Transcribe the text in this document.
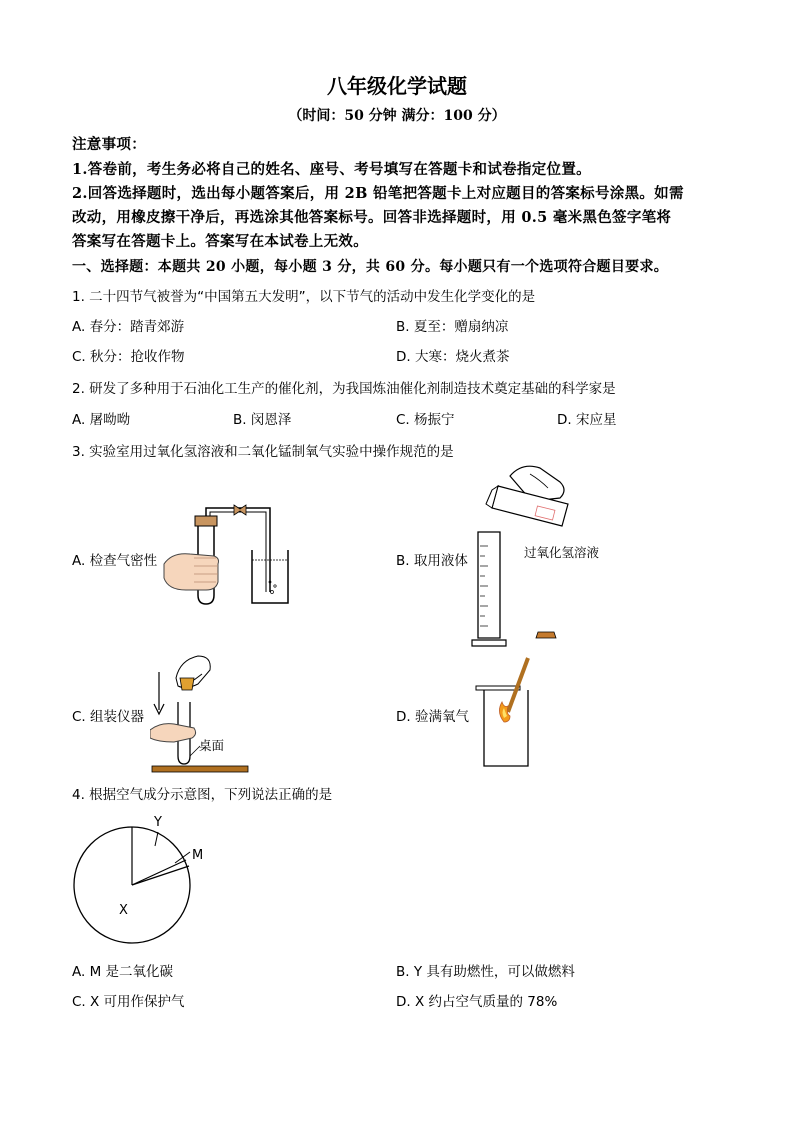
八年级化学试题
（时间：50 分钟 满分：100 分）
注意事项：
1.答卷前，考生务必将自己的姓名、座号、考号填写在答题卡和试卷指定位置。
2.回答选择题时，选出每小题答案后，用 2B 铅笔把答题卡上对应题目的答案标号涂黑。如需
改动，用橡皮擦干净后，再选涂其他答案标号。回答非选择题时，用 0.5 毫米黑色签字笔将
答案写在答题卡上。答案写在本试卷上无效。
一、选择题：本题共 20 小题，每小题 3 分，共 60 分。每小题只有一个选项符合题目要求。
1. 二十四节气被誉为“中国第五大发明”，以下节气的活动中发生化学变化的是
A. 春分：踏青郊游	B. 夏至：赠扇纳凉
C. 秋分：抢收作物	D. 大寒：烧火煮茶
2. 研发了多种用于石油化工生产的催化剂，为我国炼油催化剂制造技术奠定基础的科学家是
A. 屠呦呦	B. 闵恩泽	C. 杨振宁	D. 宋应星
3. 实验室用过氧化氢溶液和二氧化锰制氧气实验中操作规范的是
A. 检查气密性	B. 取用液体
过氧化氢溶液
C. 组装仪器
桌面
D. 验满氧气
4. 根据空气成分示意图，下列说法正确的是
Y
M
X
A. M 是二氧化碳	B. Y 具有助燃性，可以做燃料
C. X 可用作保护气	D. X 约占空气质量的 78%
